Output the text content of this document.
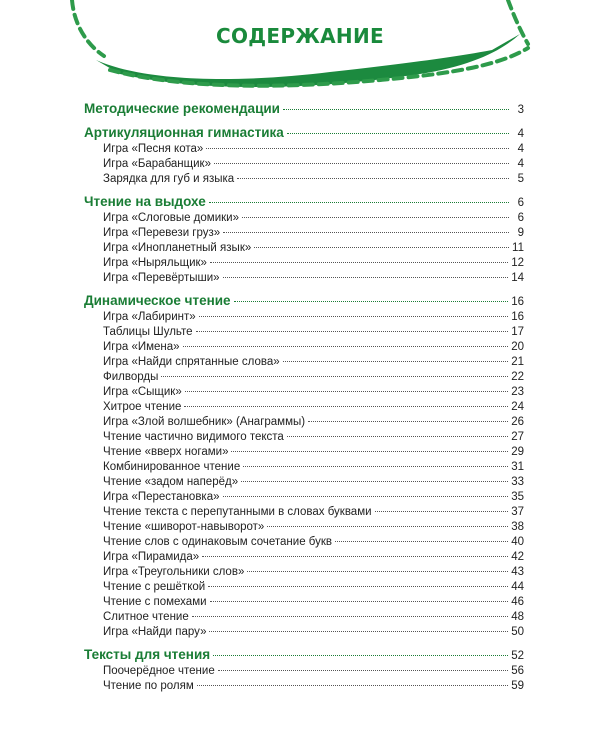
СОДЕРЖАНИЕ
Методические рекомендации	3
Артикуляционная гимнастика	4
Игра «Песня кота»	4
Игра «Барабанщик»	4
Зарядка для губ и языка	5
Чтение на выдохе	6
Игра «Слоговые домики»	6
Игра «Перевези груз»	9
Игра «Инопланетный язык»	11
Игра «Ныряльщик»	12
Игра «Перевёртыши»	14
Динамическое чтение	16
Игра «Лабиринт»	16
Таблицы Шульте	17
Игра «Имена»	20
Игра «Найди спрятанные слова»	21
Филворды	22
Игра «Сыщик»	23
Хитрое чтение	24
Игра «Злой волшебник» (Анаграммы)	26
Чтение частично видимого текста	27
Чтение «вверх ногами»	29
Комбинированное чтение	31
Чтение «задом наперёд»	33
Игра «Перестановка»	35
Чтение текста с перепутанными в словах буквами	37
Чтение «шиворот-навыворот»	38
Чтение слов с одинаковым сочетание букв	40
Игра «Пирамида»	42
Игра «Треугольники слов»	43
Чтение с решёткой	44
Чтение с помехами	46
Слитное чтение	48
Игра «Найди пару»	50
Тексты для чтения	52
Поочерёдное чтение	56
Чтение по ролям	59
